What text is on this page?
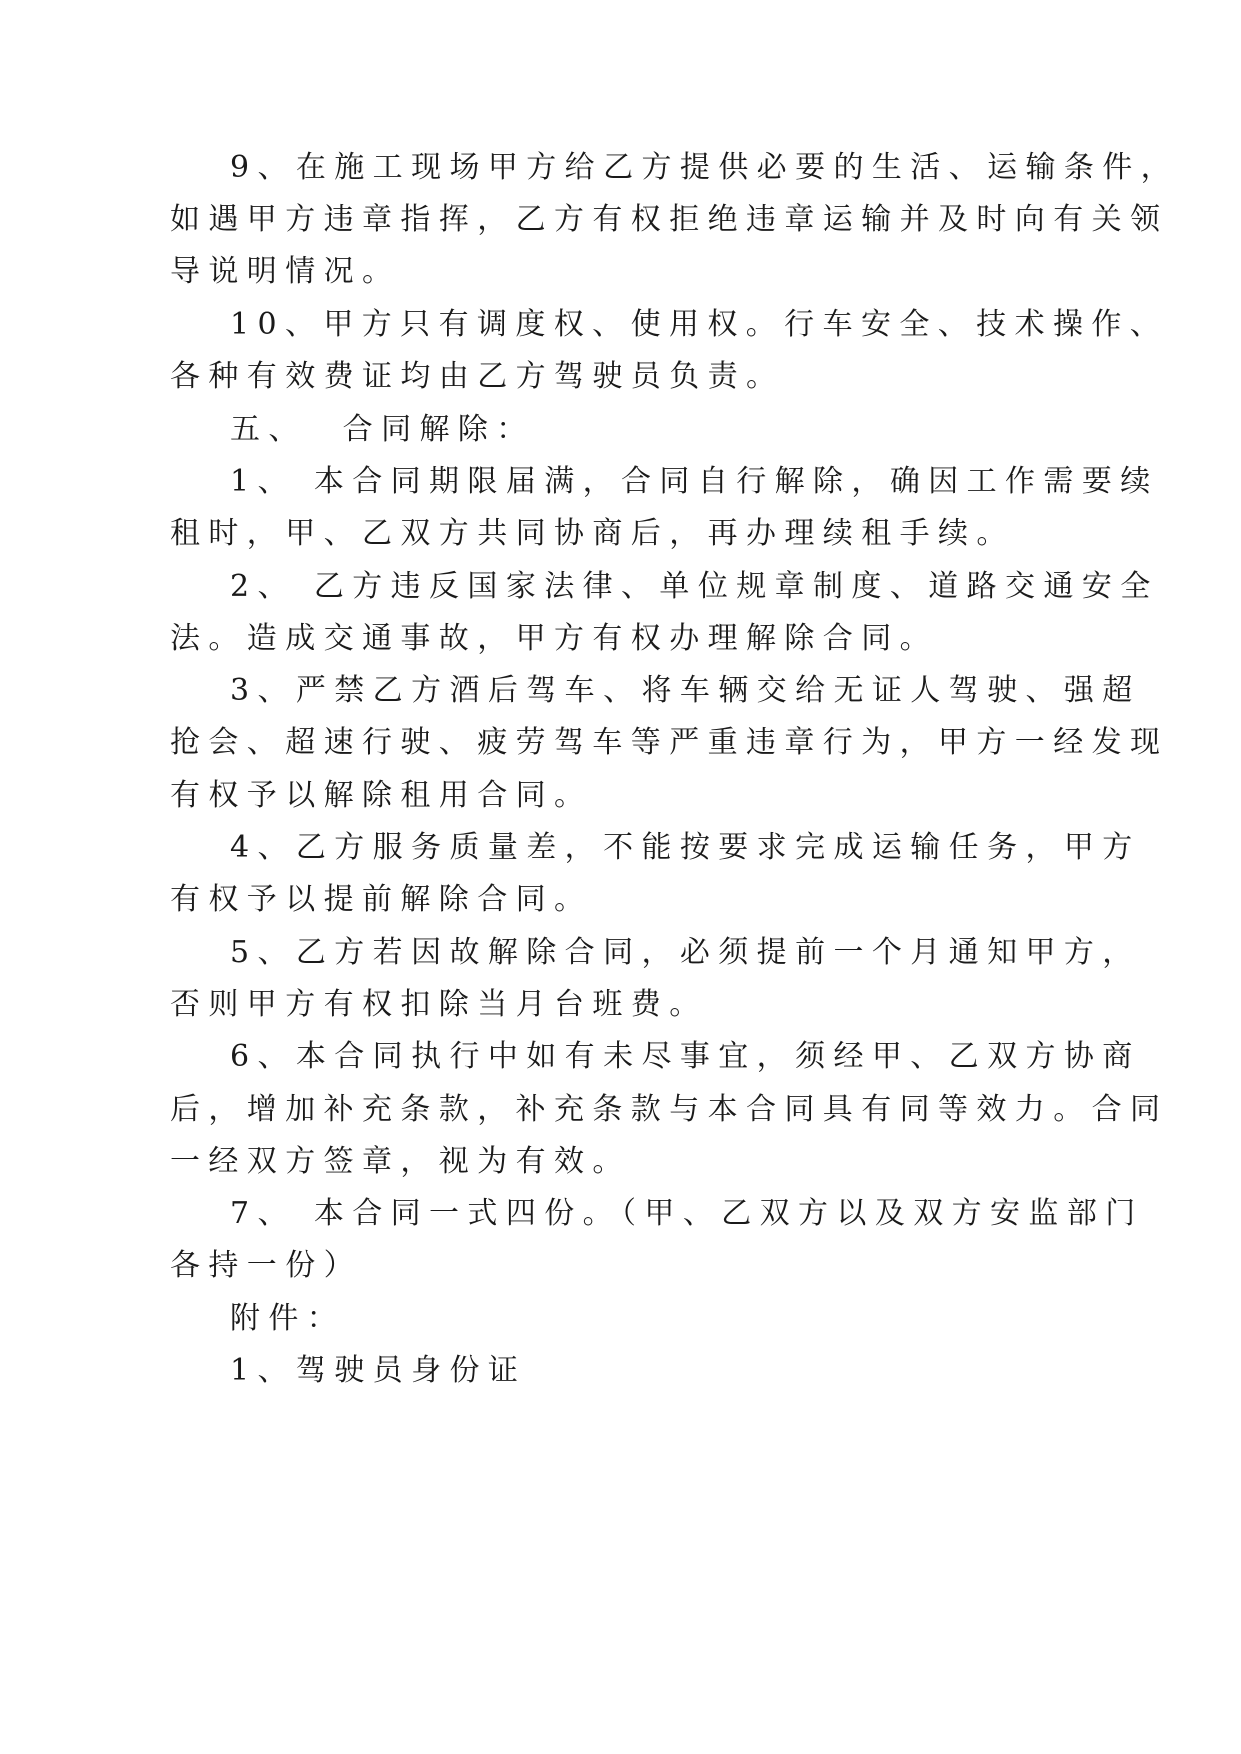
9、在施工现场甲方给乙方提供必要的生活、运输条件，
如遇甲方违章指挥，乙方有权拒绝违章运输并及时向有关领
导说明情况。
10、甲方只有调度权、使用权。行车安全、技术操作、
各种有效费证均由乙方驾驶员负责。
五、  合同解除：
1、 本合同期限届满，合同自行解除，确因工作需要续
租时，甲、乙双方共同协商后，再办理续租手续。
2、 乙方违反国家法律、单位规章制度、道路交通安全
法。造成交通事故，甲方有权办理解除合同。
3、严禁乙方酒后驾车、将车辆交给无证人驾驶、强超
抢会、超速行驶、疲劳驾车等严重违章行为，甲方一经发现
有权予以解除租用合同。
4、乙方服务质量差，不能按要求完成运输任务，甲方
有权予以提前解除合同。
5、乙方若因故解除合同，必须提前一个月通知甲方，
否则甲方有权扣除当月台班费。
6、本合同执行中如有未尽事宜，须经甲、乙双方协商
后，增加补充条款，补充条款与本合同具有同等效力。合同
一经双方签章，视为有效。
7、 本合同一式四份。（甲、乙双方以及双方安监部门
各持一份）
附件：
1、驾驶员身份证
